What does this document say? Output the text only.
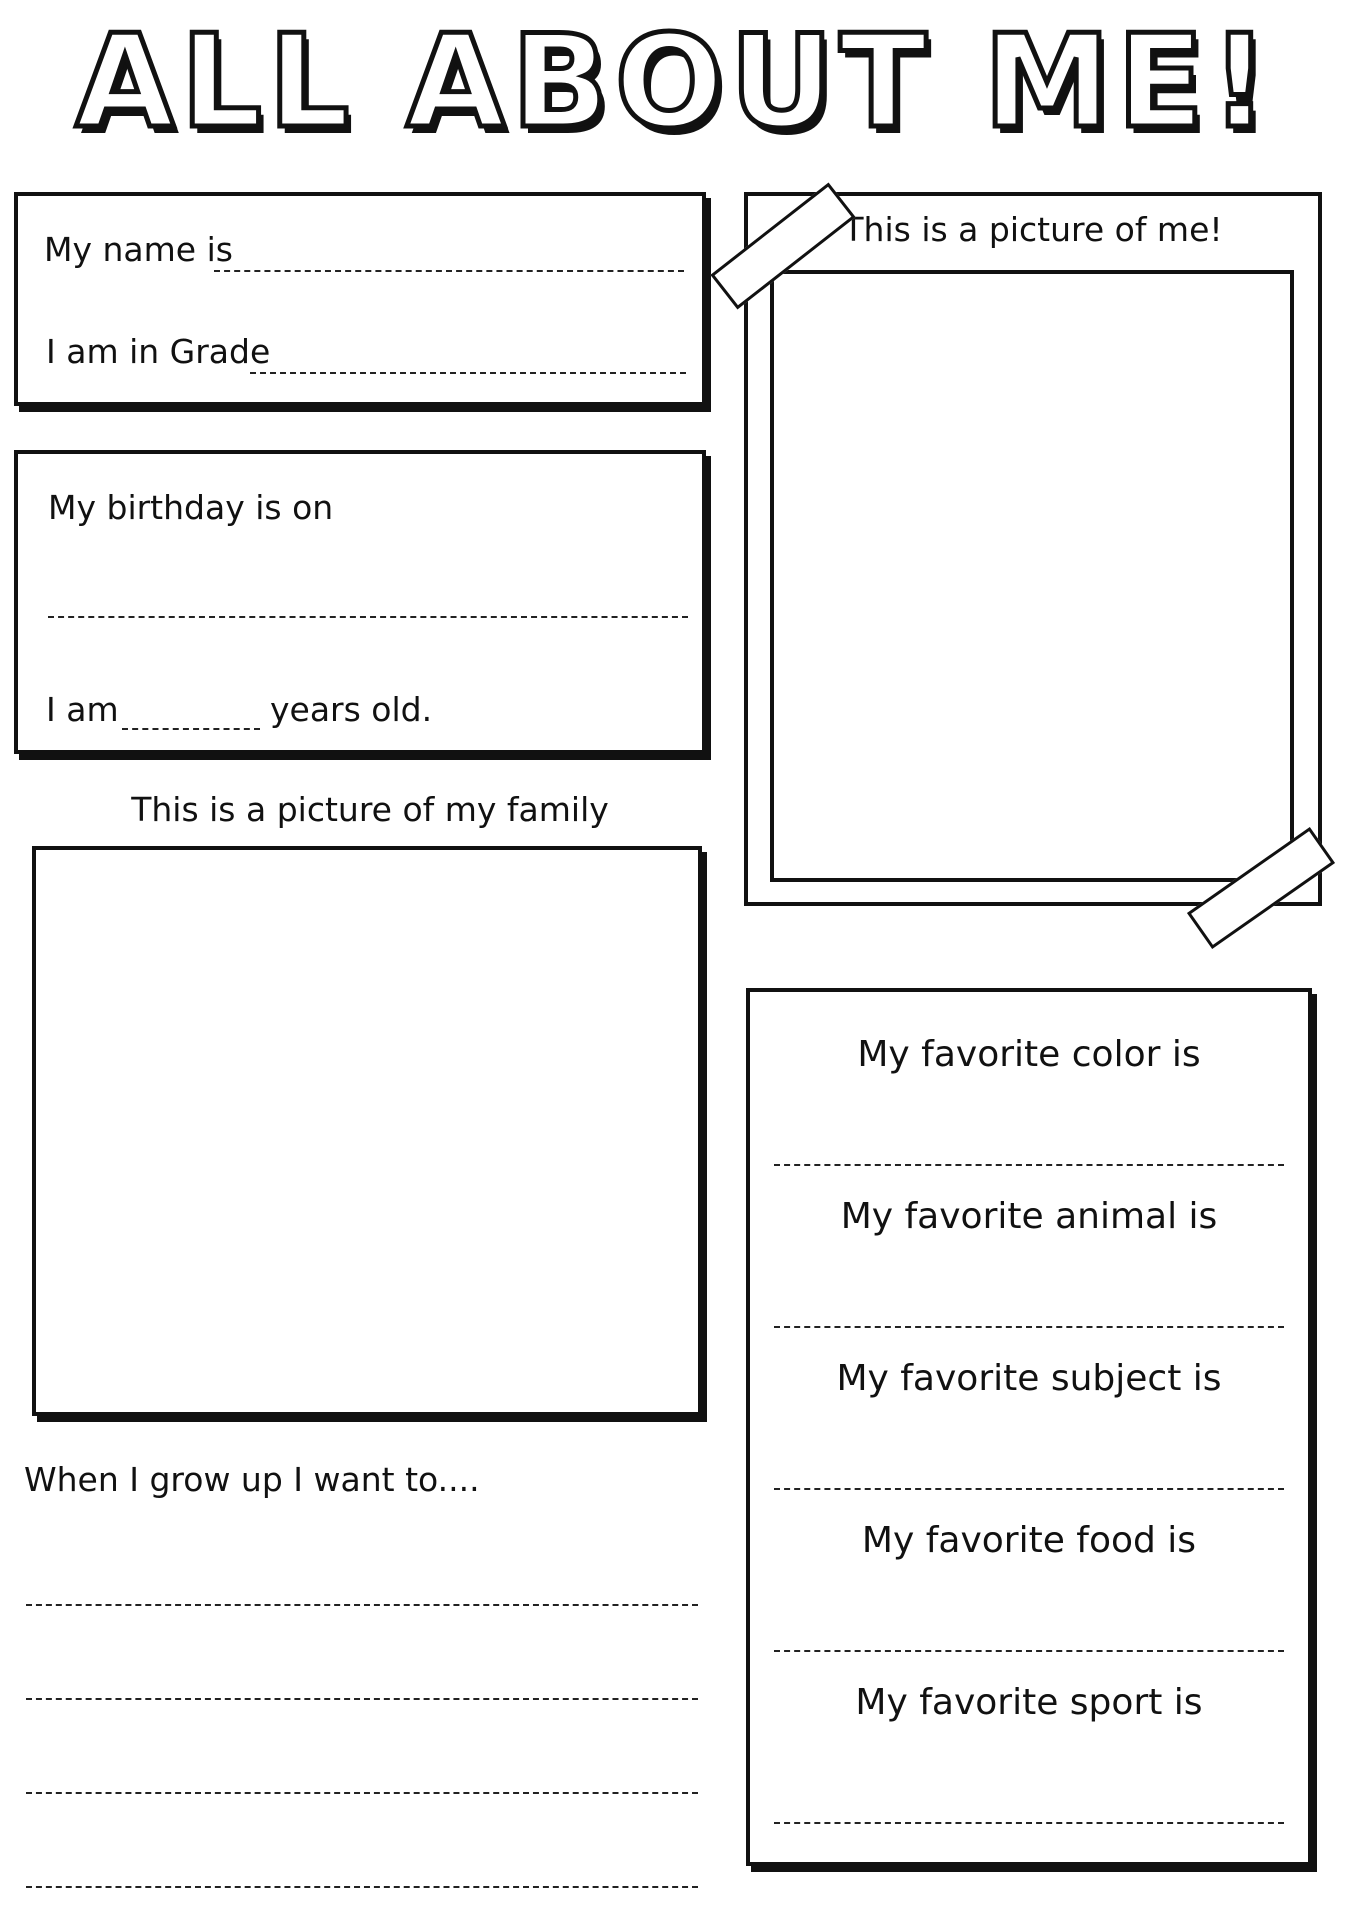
ALL ABOUT ME!
My name is
I am in Grade
My birthday is on
I am	years old.
This is a picture of me!
This is a picture of my family
When I grow up I want to....
My favorite color is
My favorite animal is
My favorite subject is
My favorite food is
My favorite sport is
